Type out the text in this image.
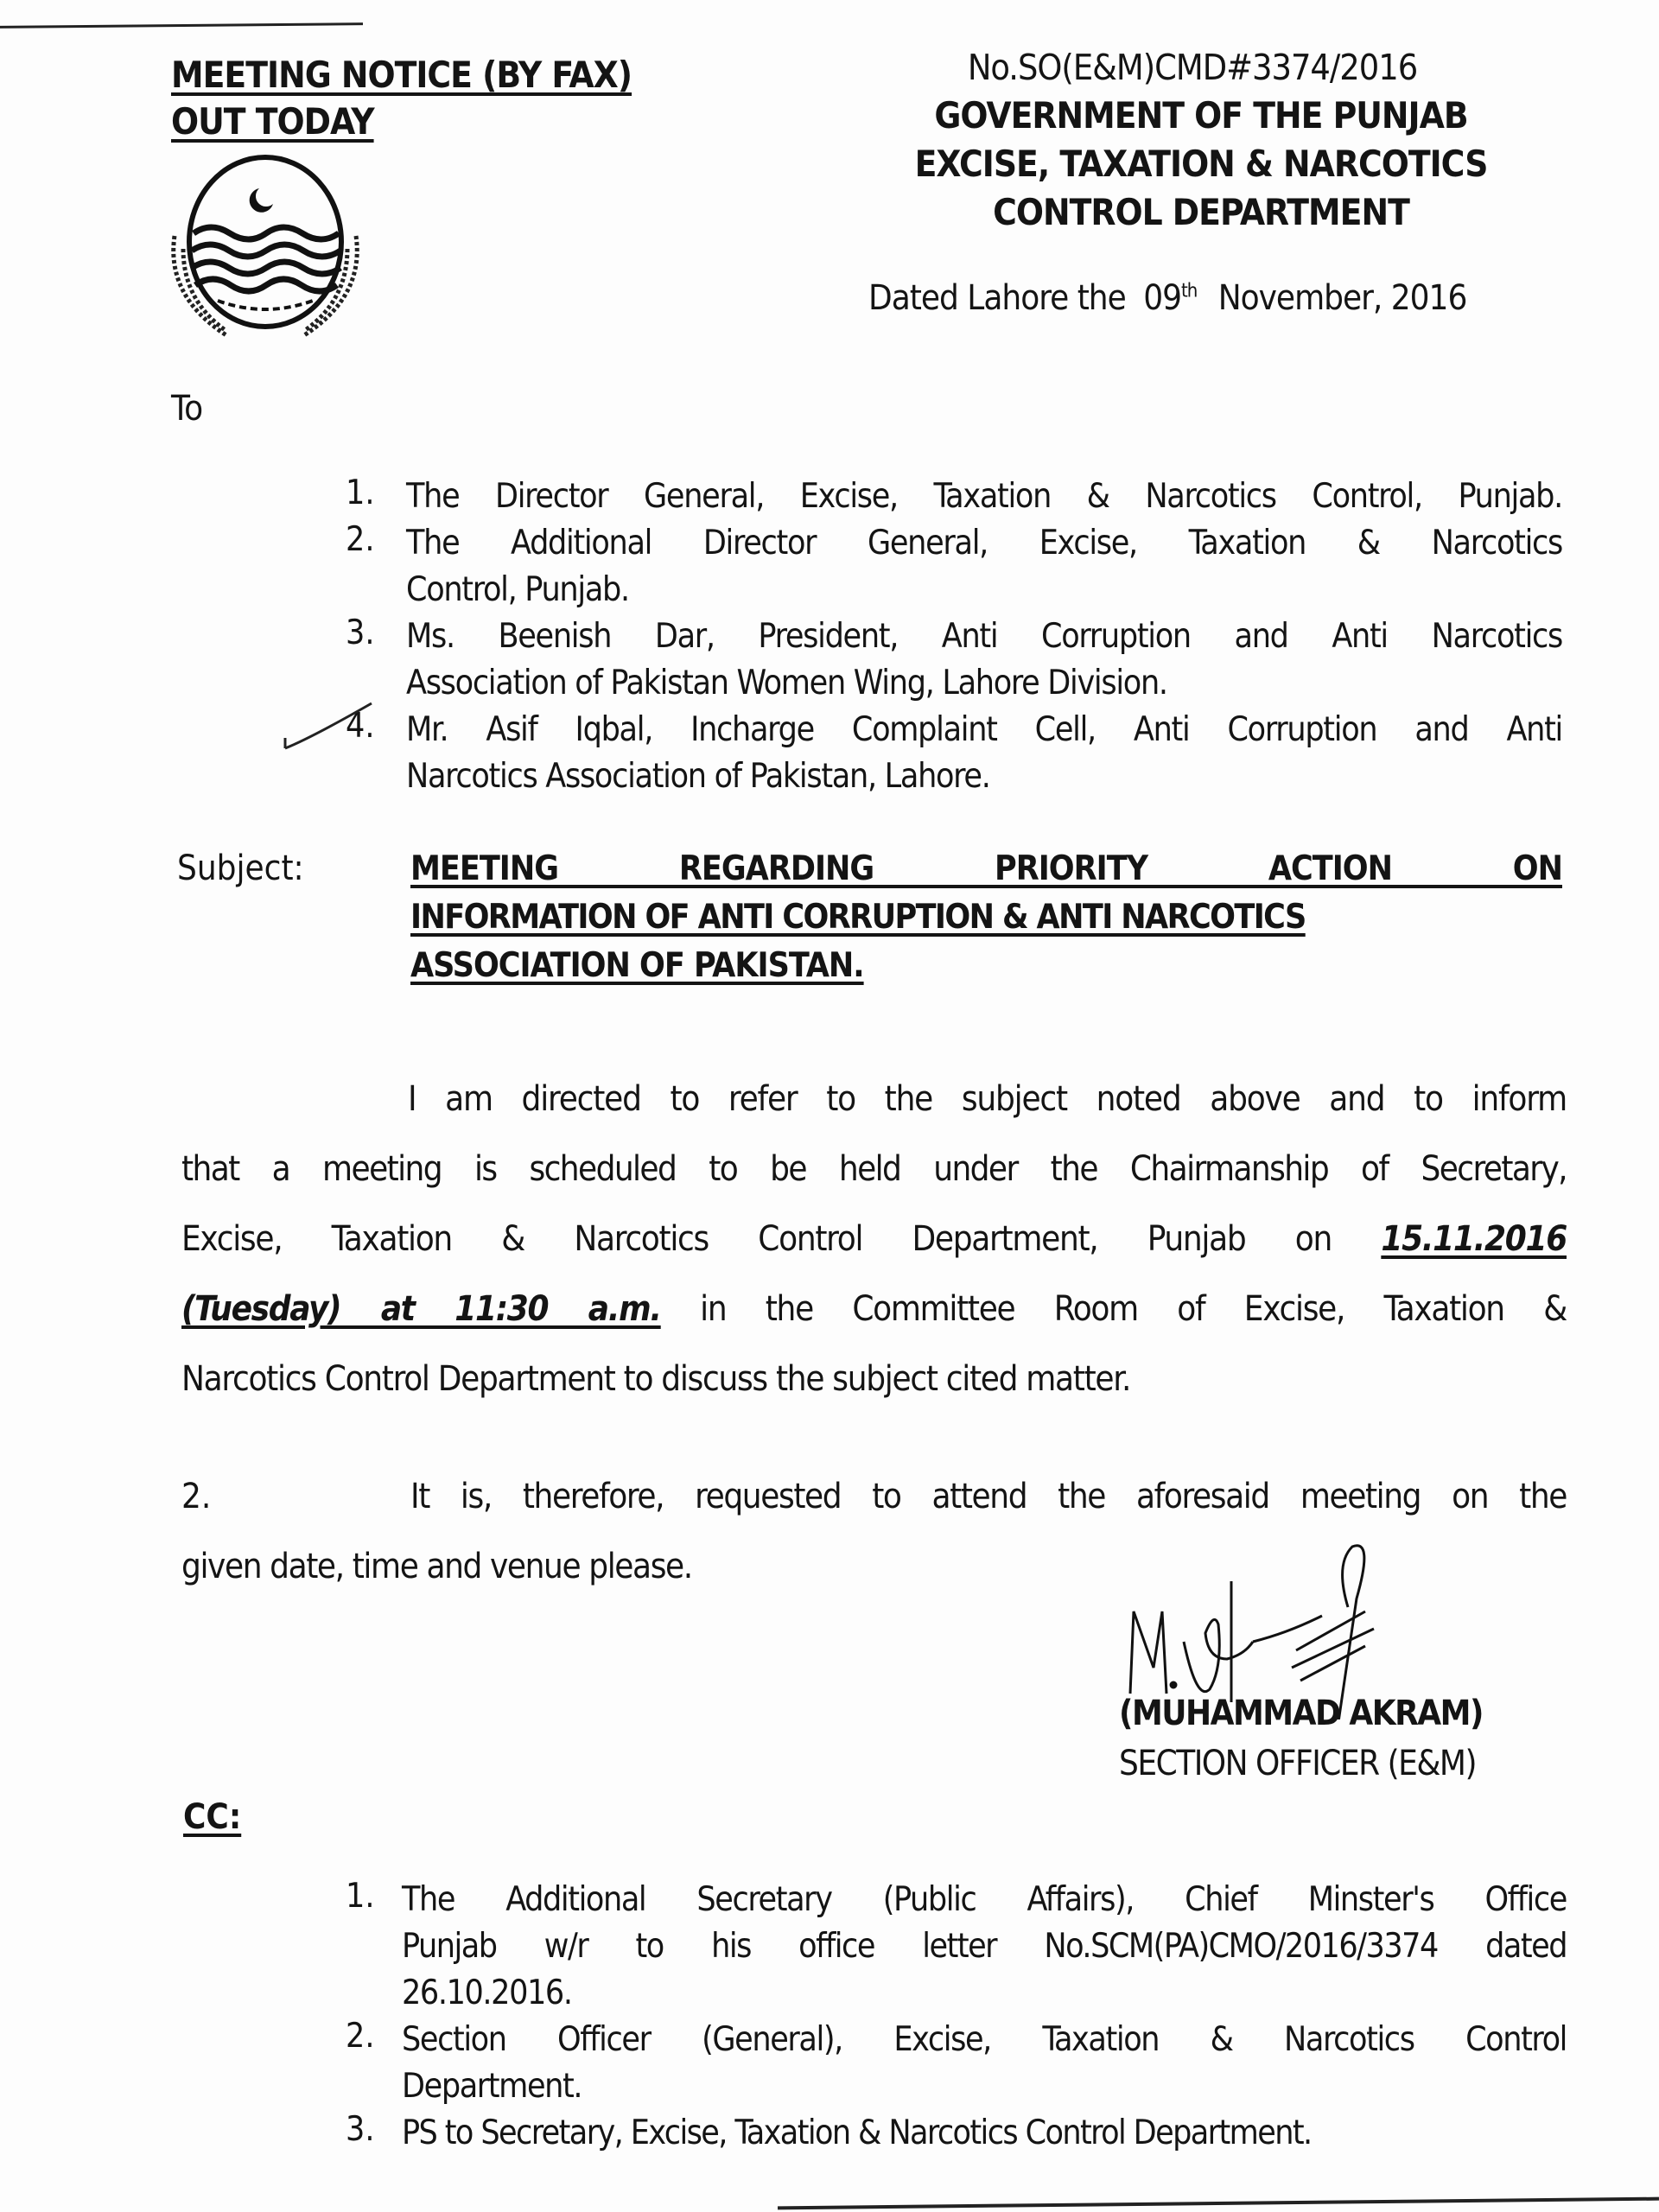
MEETING NOTICE (BY FAX)
OUT TODAY
No.SO(E&M)CMD#3374/2016
GOVERNMENT OF THE PUNJAB
EXCISE, TAXATION & NARCOTICS
CONTROL DEPARTMENT
Dated Lahore the 09th November, 2016
To
1. The Director General, Excise, Taxation & Narcotics Control, Punjab.
2. The Additional Director General, Excise, Taxation & Narcotics
Control, Punjab.
3. Ms. Beenish Dar, President, Anti Corruption and Anti Narcotics
Association of Pakistan Women Wing, Lahore Division.
4. Mr. Asif Iqbal, Incharge Complaint Cell, Anti Corruption and Anti
Narcotics Association of Pakistan, Lahore.
Subject:	MEETING REGARDING PRIORITY ACTION ON
INFORMATION OF ANTI CORRUPTION & ANTI NARCOTICS
ASSOCIATION OF PAKISTAN.
I am directed to refer to the subject noted above and to inform
that a meeting is scheduled to be held under the Chairmanship of Secretary,
Excise, Taxation & Narcotics Control Department, Punjab on 15.11.2016
(Tuesday) at 11:30 a.m. in the Committee Room of Excise, Taxation &
Narcotics Control Department to discuss the subject cited matter.
2.	It is, therefore, requested to attend the aforesaid meeting on the
given date, time and venue please.
(MUHAMMAD AKRAM)
SECTION OFFICER (E&M)
CC:
1. The Additional Secretary (Public Affairs), Chief Minster's Office
Punjab w/r to his office letter No.SCM(PA)CMO/2016/3374 dated
26.10.2016.
2. Section Officer (General), Excise, Taxation & Narcotics Control
Department.
3. PS to Secretary, Excise, Taxation & Narcotics Control Department.
